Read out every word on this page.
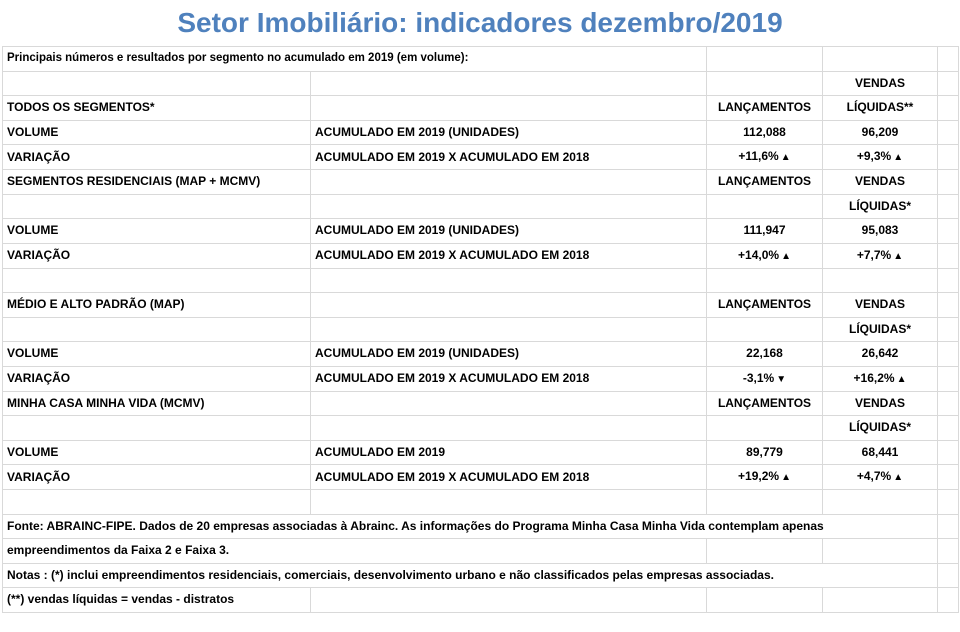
Setor Imobiliário: indicadores dezembro/2019
Principais números e resultados por segmento no acumulado em 2019 (em volume):				
			VENDAS	
TODOS OS SEGMENTOS*		LANÇAMENTOS	LÍQUIDAS**	
VOLUME	ACUMULADO EM 2019 (UNIDADES)	112,088	96,209	
VARIAÇÃO	ACUMULADO EM 2019 X ACUMULADO EM 2018	+11,6% ▲	+9,3% ▲	
SEGMENTOS RESIDENCIAIS (MAP + MCMV)		LANÇAMENTOS	VENDAS	
			LÍQUIDAS*	
VOLUME	ACUMULADO EM 2019 (UNIDADES)	111,947	95,083	
VARIAÇÃO	ACUMULADO EM 2019 X ACUMULADO EM 2018	+14,0% ▲	+7,7% ▲	

MÉDIO E ALTO PADRÃO (MAP)		LANÇAMENTOS	VENDAS	
			LÍQUIDAS*	
VOLUME	ACUMULADO EM 2019 (UNIDADES)	22,168	26,642	
VARIAÇÃO	ACUMULADO EM 2019 X ACUMULADO EM 2018	-3,1% ▼	+16,2% ▲	
MINHA CASA MINHA VIDA (MCMV)		LANÇAMENTOS	VENDAS	
			LÍQUIDAS*	
VOLUME	ACUMULADO EM 2019	89,779	68,441	
VARIAÇÃO	ACUMULADO EM 2019 X ACUMULADO EM 2018	+19,2% ▲	+4,7% ▲	

Fonte: ABRAINC-FIPE. Dados de 20 empresas associadas à Abrainc. As informações do Programa Minha Casa Minha Vida contemplam apenas				
empreendimentos da Faixa 2 e Faixa 3.				
Notas : (*) inclui empreendimentos residenciais, comerciais, desenvolvimento urbano e não classificados pelas empresas associadas.				
(**) vendas líquidas = vendas - distratos				
